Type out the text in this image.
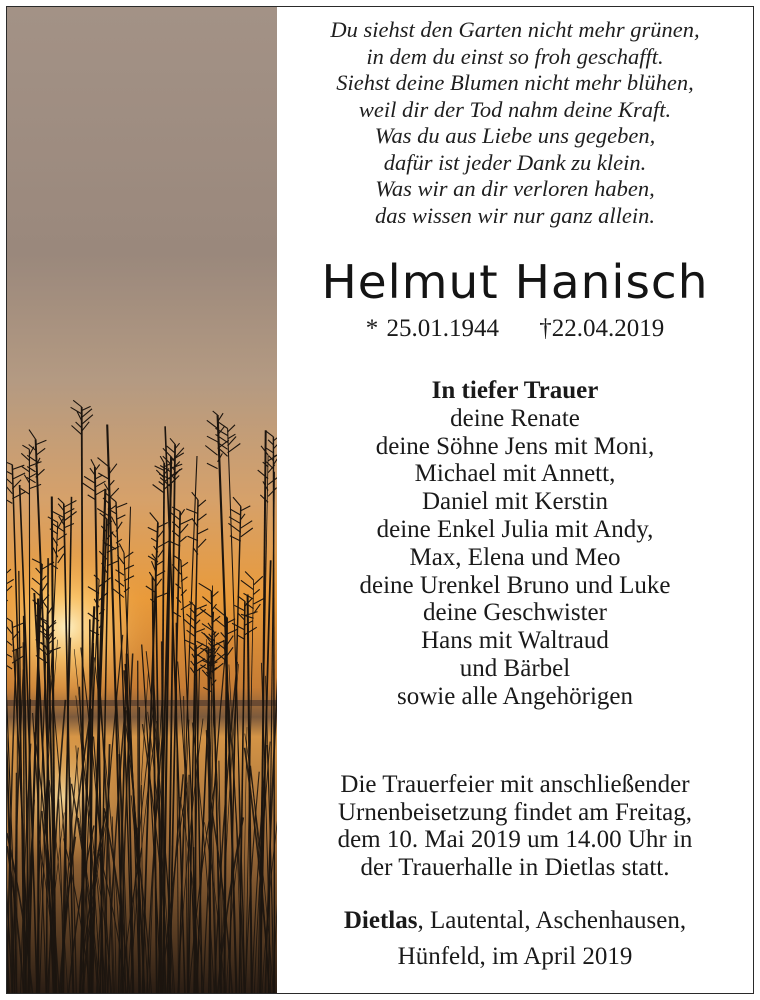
Du siehst den Garten nicht mehr grünen,
in dem du einst so froh geschafft.
Siehst deine Blumen nicht mehr blühen,
weil dir der Tod nahm deine Kraft.
Was du aus Liebe uns gegeben,
dafür ist jeder Dank zu klein.
Was wir an dir verloren haben,
das wissen wir nur ganz allein.
Helmut Hanisch
* 25.01.1944 †22.04.2019
In tiefer Trauer
deine Renate
deine Söhne Jens mit Moni,
Michael mit Annett,
Daniel mit Kerstin
deine Enkel Julia mit Andy,
Max, Elena und Meo
deine Urenkel Bruno und Luke
deine Geschwister
Hans mit Waltraud
und Bärbel
sowie alle Angehörigen
Die Trauerfeier mit anschließender
Urnenbeisetzung findet am Freitag,
dem 10. Mai 2019 um 14.00 Uhr in
der Trauerhalle in Dietlas statt.
Dietlas, Lautental, Aschenhausen,
Hünfeld, im April 2019
